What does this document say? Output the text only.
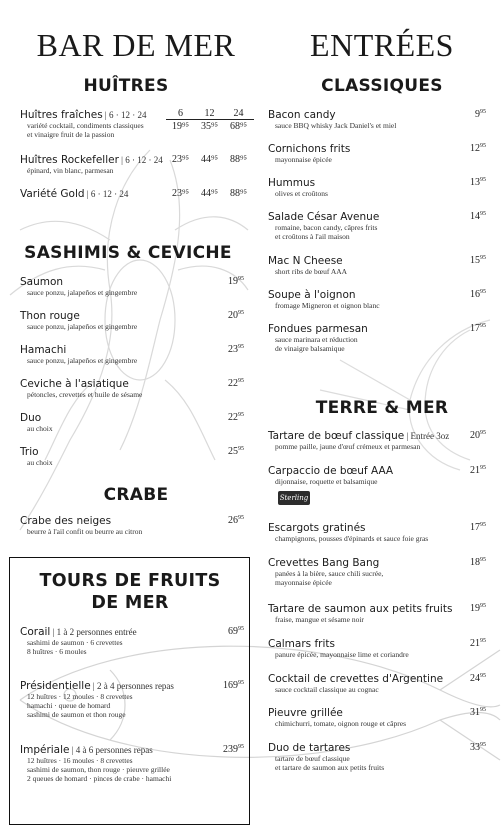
BAR DE MER	ENTRÉES
HUÎTRES
6 12 24
Huîtres fraîches | 6 · 12 · 24
variété cocktail, condiments classiques
et vinaigre fruit de la passion
19⁹⁵ 35⁹⁵ 68⁹⁵
Huîtres Rockefeller | 6 · 12 · 24
épinard, vin blanc, parmesan
23⁹⁵ 44⁹⁵ 88⁹⁵
Variété Gold | 6 · 12 · 24	23⁹⁵ 44⁹⁵ 88⁹⁵
SASHIMIS & CEVICHE
Saumon
sauce ponzu, jalapeños et gingembre
$19^{95}$
Thon rouge
sauce ponzu, jalapeños et gingembre
$20^{95}$
Hamachi
sauce ponzu, jalapeños et gingembre
$23^{95}$
Ceviche à l'asiatique
pétoncles, crevettes et huile de sésame
$22^{95}$
Duo
au choix
$22^{95}$
Trio
au choix
$25^{95}$
CRABE
Crabe des neiges
beurre à l'ail confit ou beurre au citron
$26^{95}$
TOURS DE FRUITS
DE MER
Corail | 1 à 2 personnes entrée
sashimi de saumon · 6 crevettes
8 huîtres · 6 moules
$69^{95}$
Présidentielle | 2 à 4 personnes repas
12 huîtres · 12 moules · 8 crevettes
hamachi · queue de homard
sashimi de saumon et thon rouge
$169^{95}$
Impériale | 4 à 6 personnes repas
12 huîtres · 16 moules · 8 crevettes
sashimi de saumon, thon rouge · pieuvre grillée
2 queues de homard · pinces de crabe · hamachi
$239^{95}$
CLASSIQUES
Bacon candy
sauce BBQ whisky Jack Daniel's et miel
$9^{95}$
Cornichons frits
mayonnaise épicée
$12^{95}$
Hummus
olives et croûtons
$13^{95}$
Salade César Avenue
romaine, bacon candy, câpres frits
et croûtons à l'ail maison
$14^{95}$
Mac N Cheese
short ribs de bœuf AAA
$15^{95}$
Soupe à l'oignon
fromage Migneron et oignon blanc
$16^{95}$
Fondues parmesan
sauce marinara et réduction
de vinaigre balsamique
$17^{95}$
TERRE & MER
Tartare de bœuf classique | Entrée 3oz
pomme paille, jaune d'œuf crémeux et parmesan
$20^{95}$
Carpaccio de bœuf AAA
dijonnaise, roquette et balsamique
$21^{95}$
Sterling
Escargots gratinés
champignons, pousses d'épinards et sauce foie gras
$17^{95}$
Crevettes Bang Bang
panées à la bière, sauce chili sucrée,
mayonnaise épicée
$18^{95}$
Tartare de saumon aux petits fruits
fraise, mangue et sésame noir
$19^{95}$
Calmars frits
panure épicée, mayonnaise lime et coriandre
$21^{95}$
Cocktail de crevettes d'Argentine
sauce cocktail classique au cognac
$24^{95}$
Pieuvre grillée
chimichurri, tomate, oignon rouge et câpres
$31^{95}$
Duo de tartares
tartare de bœuf classique
et tartare de saumon aux petits fruits
$33^{95}$
